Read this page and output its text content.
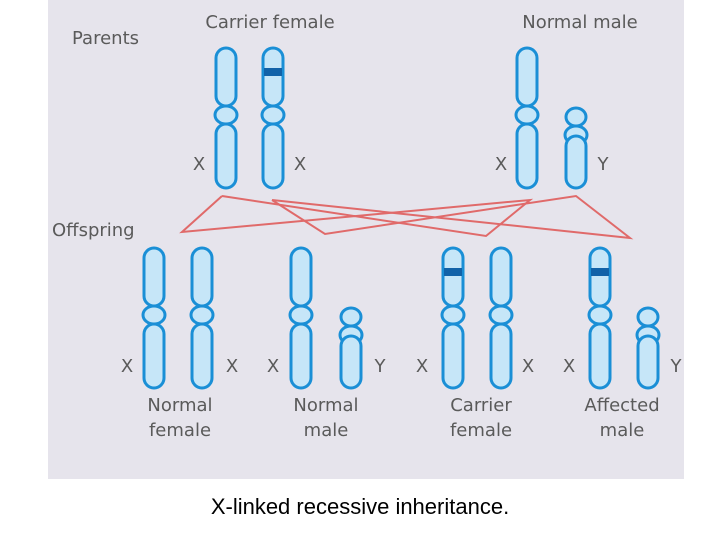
Parents
Offspring
Carrier female	Normal male
X	X	X	Y
X	X X	Y X	X X	Y
Normal
female
Normal
male
Carrier
female
Affected
male
X-linked recessive inheritance.
